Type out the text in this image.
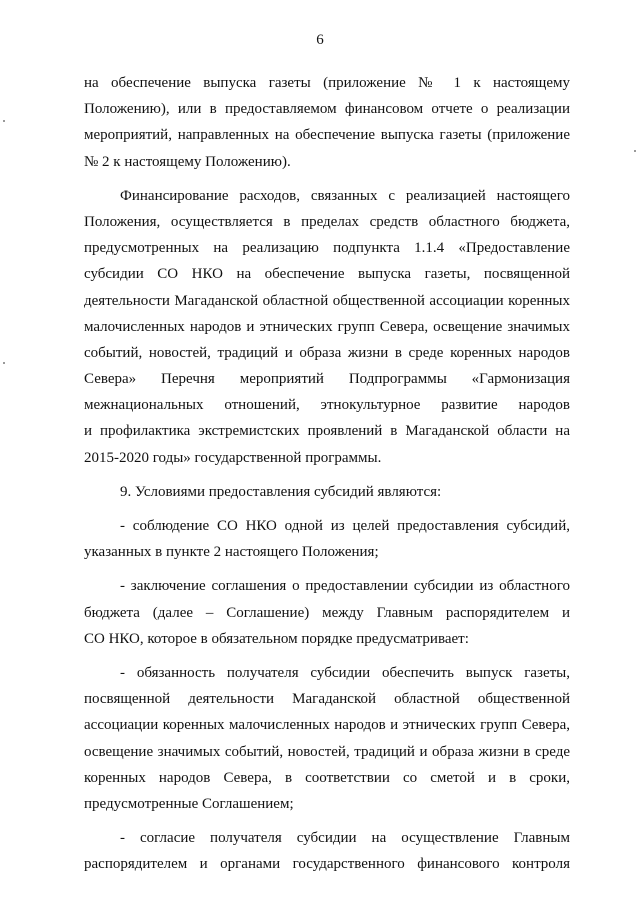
6
на обеспечение выпуска газеты (приложение № 1 к настоящему
Положению), или в предоставляемом финансовом отчете о реализации
мероприятий, направленных на обеспечение выпуска газеты (приложение
№ 2 к настоящему Положению).
Финансирование расходов, связанных с реализацией настоящего
Положения, осуществляется в пределах средств областного бюджета,
предусмотренных на реализацию подпункта 1.1.4 «Предоставление
субсидии СО НКО на обеспечение выпуска газеты, посвященной
деятельности Магаданской областной общественной ассоциации коренных
малочисленных народов и этнических групп Севера, освещение значимых
событий, новостей, традиций и образа жизни в среде коренных народов
Севера» Перечня мероприятий Подпрограммы «Гармонизация
межнациональных отношений, этнокультурное развитие народов
и профилактика экстремистских проявлений в Магаданской области на
2015-2020 годы» государственной программы.
9. Условиями предоставления субсидий являются:
- соблюдение СО НКО одной из целей предоставления субсидий,
указанных в пункте 2 настоящего Положения;
- заключение соглашения о предоставлении субсидии из областного
бюджета (далее – Соглашение) между Главным распорядителем и
СО НКО, которое в обязательном порядке предусматривает:
- обязанность получателя субсидии обеспечить выпуск газеты,
посвященной деятельности Магаданской областной общественной
ассоциации коренных малочисленных народов и этнических групп Севера,
освещение значимых событий, новостей, традиций и образа жизни в среде
коренных народов Севера, в соответствии со сметой и в сроки,
предусмотренные Соглашением;
- согласие получателя субсидии на осуществление Главным
распорядителем и органами государственного финансового контроля
